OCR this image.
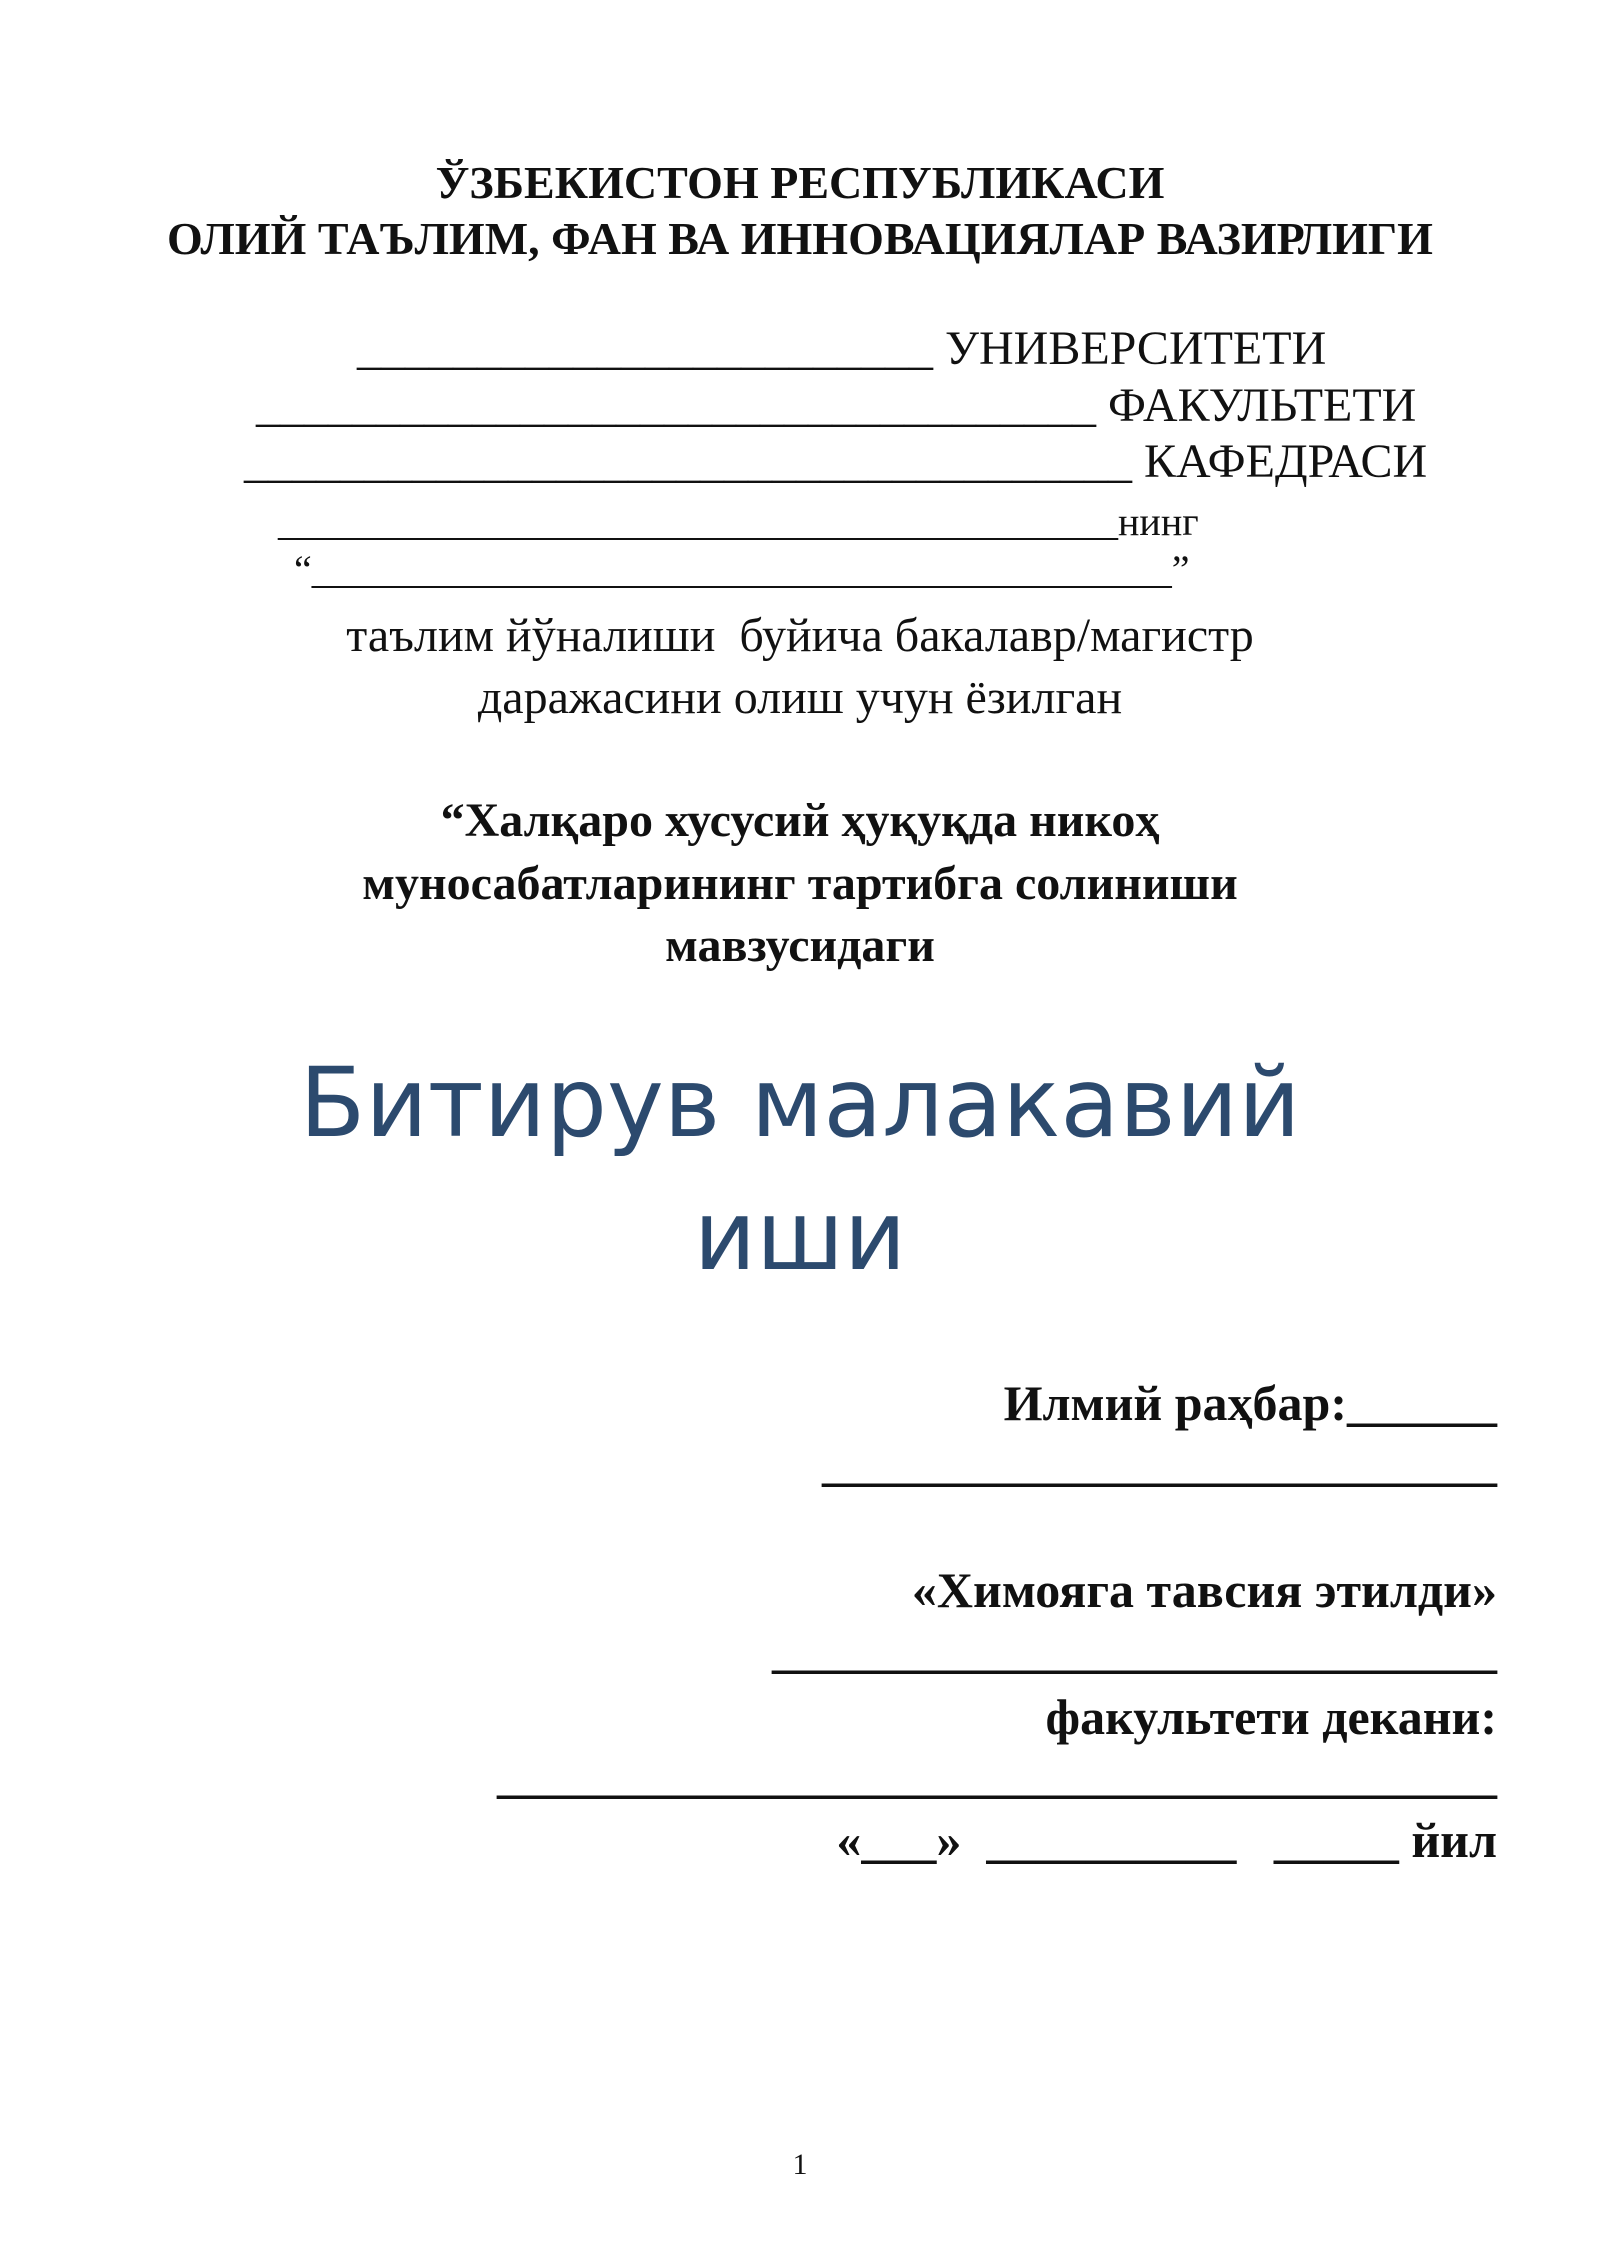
ЎЗБЕКИСТОН РЕСПУБЛИКАСИ
ОЛИЙ ТАЪЛИМ, ФАН ВА ИННОВАЦИЯЛАР ВАЗИРЛИГИ
________________________ УНИВЕРСИТЕТИ
___________________________________ ФАКУЛЬТЕТИ
_____________________________________ КАФЕДРАСИ
__________________________________________нинг
“___________________________________________”
таълим йўналиши  буйича бакалавр/магистр
даражасини олиш учун ёзилган
“Халқаро хусусий ҳуқуқда никоҳ
муносабатларининг тартибга солиниши
мавзусидаги
Битирув малакавий
иши
Илмий раҳбар:______
___________________________
«Химояга тавсия этилди»
_____________________________
факультети декани:
________________________________________
«___»  __________   _____ йил
1
